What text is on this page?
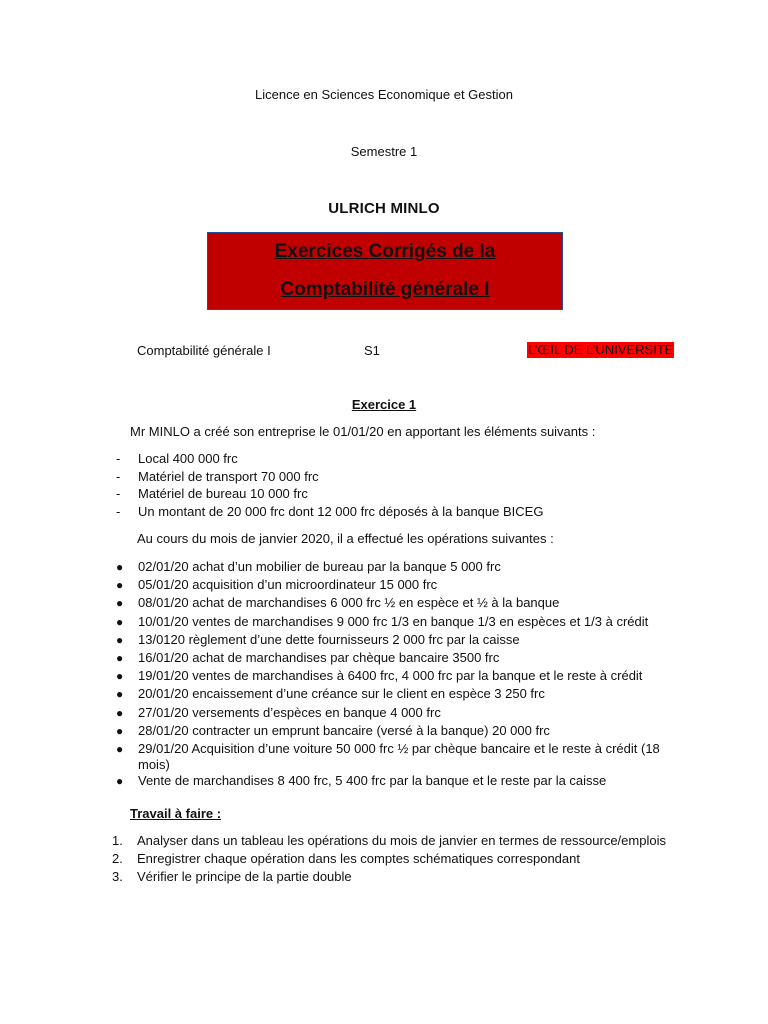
Licence en Sciences Economique et Gestion
Semestre 1
ULRICH MINLO
Exercices Corrigés de la
Comptabilité générale I
Comptabilité générale I	S1	L’ŒIL DE L’UNIVERSITE
Exercice 1
Mr MINLO a créé son entreprise le 01/01/20 en apportant les éléments suivants :
- Local 400 000 frc
- Matériel de transport 70 000 frc
- Matériel de bureau 10 000 frc
- Un montant de 20 000 frc dont 12 000 frc déposés à la banque BICEG
Au cours du mois de janvier 2020, il a effectué les opérations suivantes :
● 02/01/20 achat d’un mobilier de bureau par la banque 5 000 frc
● 05/01/20 acquisition d’un microordinateur 15 000 frc
● 08/01/20 achat de marchandises 6 000 frc ½ en espèce et ½ à la banque
● 10/01/20 ventes de marchandises 9 000 frc 1/3 en banque 1/3 en espèces et 1/3 à crédit
● 13/0120 règlement d’une dette fournisseurs 2 000 frc par la caisse
● 16/01/20 achat de marchandises par chèque bancaire 3500 frc
● 19/01/20 ventes de marchandises à 6400 frc, 4 000 frc par la banque et le reste à crédit
● 20/01/20 encaissement d’une créance sur le client en espèce 3 250 frc
● 27/01/20 versements d’espèces en banque 4 000 frc
● 28/01/20 contracter un emprunt bancaire (versé à la banque) 20 000 frc
● 29/01/20 Acquisition d’une voiture 50 000 frc ½ par chèque bancaire et le reste à crédit (18 mois)
● Vente de marchandises 8 400 frc, 5 400 frc par la banque et le reste par la caisse
Travail à faire :
1. Analyser dans un tableau les opérations du mois de janvier en termes de ressource/emplois
2. Enregistrer chaque opération dans les comptes schématiques correspondant
3. Vérifier le principe de la partie double
